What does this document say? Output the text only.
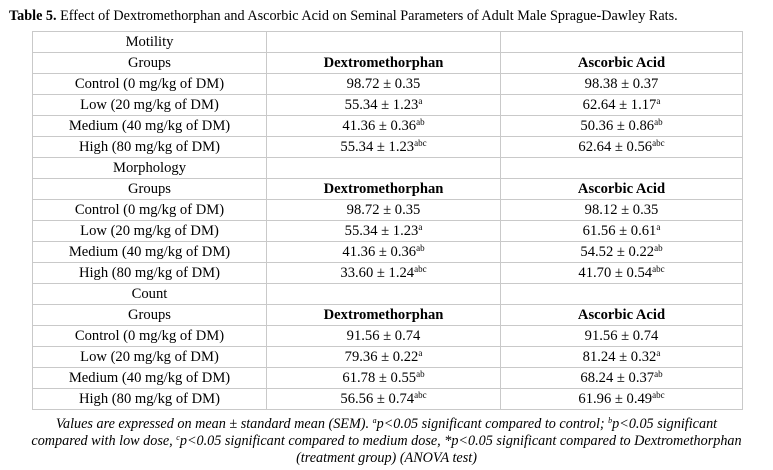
Table 5. Effect of Dextromethorphan and Ascorbic Acid on Seminal Parameters of Adult Male Sprague-Dawley Rats.
Motility		
Groups	Dextromethorphan	Ascorbic Acid
Control (0 mg/kg of DM)	98.72 ± 0.35	98.38 ± 0.37
Low (20 mg/kg of DM)	55.34 ± 1.23$^a$	62.64 ± 1.17$^a$
Medium (40 mg/kg of DM)	41.36 ± 0.36$^{ab}$	50.36 ± 0.86$^{ab}$
High (80 mg/kg of DM)	55.34 ± 1.23$^{abc}$	62.64 ± 0.56$^{abc}$
Morphology		
Groups	Dextromethorphan	Ascorbic Acid
Control (0 mg/kg of DM)	98.72 ± 0.35	98.12 ± 0.35
Low (20 mg/kg of DM)	55.34 ± 1.23$^a$	61.56 ± 0.61$^a$
Medium (40 mg/kg of DM)	41.36 ± 0.36$^{ab}$	54.52 ± 0.22$^{ab}$
High (80 mg/kg of DM)	33.60 ± 1.24$^{abc}$	41.70 ± 0.54$^{abc}$
Count		
Groups	Dextromethorphan	Ascorbic Acid
Control (0 mg/kg of DM)	91.56 ± 0.74	91.56 ± 0.74
Low (20 mg/kg of DM)	79.36 ± 0.22$^a$	81.24 ± 0.32$^a$
Medium (40 mg/kg of DM)	61.78 ± 0.55$^{ab}$	68.24 ± 0.37$^{ab}$
High (80 mg/kg of DM)	56.56 ± 0.74$^{abc}$	61.96 ± 0.49$^{abc}$
Values are expressed on mean ± standard mean (SEM). $^a$p<0.05 significant compared to control; $^b$p<0.05 significant
compared with low dose, $^c$p<0.05 significant compared to medium dose, *p<0.05 significant compared to Dextromethorphan
(treatment group) (ANOVA test)
